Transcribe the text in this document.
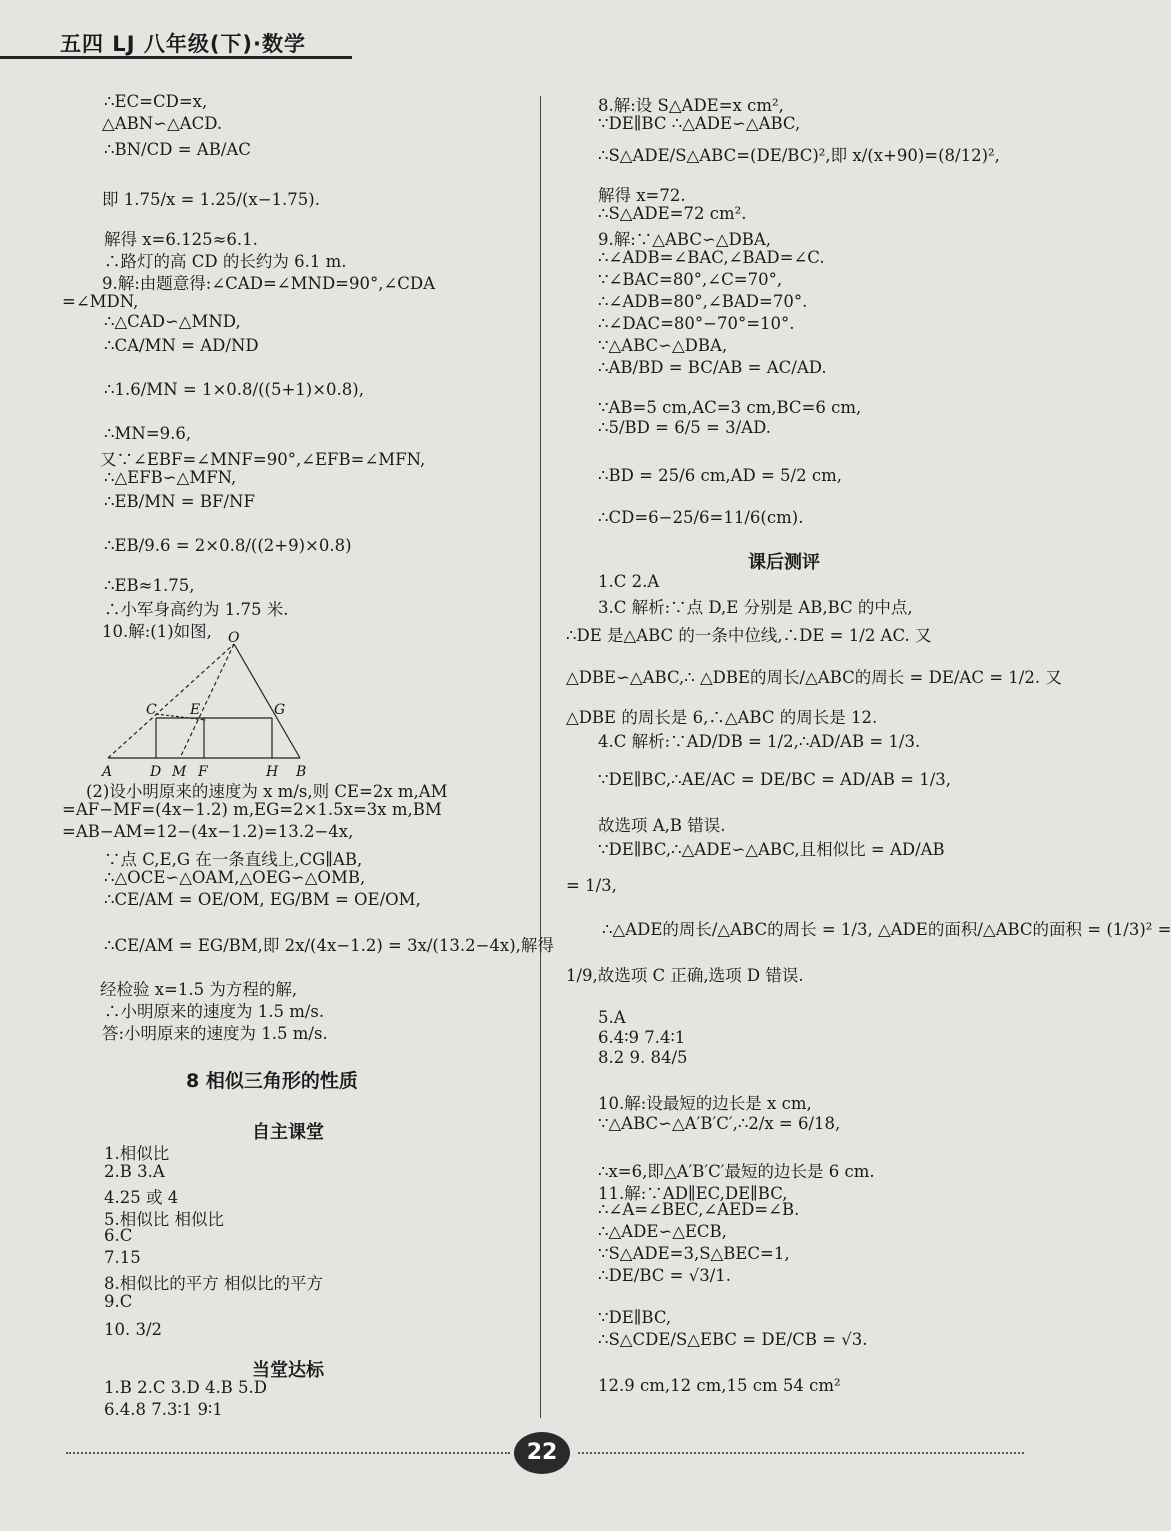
五四 LJ 八年级(下)·数学
∴EC=CD=x,
△ABN∽△ACD.
∴BN/CD = AB/AC
即 1.75/x = 1.25/(x−1.75).
解得 x=6.125≈6.1.
∴路灯的高 CD 的长约为 6.1 m.
9.解:由题意得:∠CAD=∠MND=90°,∠CDA
=∠MDN,
∴△CAD∽△MND,
∴CA/MN = AD/ND
∴1.6/MN = 1×0.8/((5+1)×0.8),
∴MN=9.6,
又∵∠EBF=∠MNF=90°,∠EFB=∠MFN,
∴△EFB∽△MFN,
∴EB/MN = BF/NF
∴EB/9.6 = 2×0.8/((2+9)×0.8)
∴EB≈1.75,
∴小军身高约为 1.75 米.
10.解:(1)如图,
(2)设小明原来的速度为 x m/s,则 CE=2x m,AM
=AF−MF=(4x−1.2) m,EG=2×1.5x=3x m,BM
=AB−AM=12−(4x−1.2)=13.2−4x,
∵点 C,E,G 在一条直线上,CG∥AB,
∴△OCE∽△OAM,△OEG∽△OMB,
∴CE/AM = OE/OM, EG/BM = OE/OM,
∴CE/AM = EG/BM,即 2x/(4x−1.2) = 3x/(13.2−4x),解得
经检验 x=1.5 为方程的解,
∴小明原来的速度为 1.5 m/s.
答:小明原来的速度为 1.5 m/s.
O
C E	G
A	D M F	H B
8 相似三角形的性质
自主课堂
1.相似比
2.B 3.A
4.25 或 4
5.相似比 相似比
6.C
7.15
8.相似比的平方 相似比的平方
9.C
10. 3/2
当堂达标
1.B 2.C 3.D 4.B 5.D
6.4.8 7.3∶1 9∶1
8.解:设 S△ADE=x cm²,
∵DE∥BC ∴△ADE∽△ABC,
∴S△ADE/S△ABC=(DE/BC)²,即 x/(x+90)=(8/12)²,
解得 x=72.
∴S△ADE=72 cm².
9.解:∵△ABC∽△DBA,
∴∠ADB=∠BAC,∠BAD=∠C.
∵∠BAC=80°,∠C=70°,
∴∠ADB=80°,∠BAD=70°.
∴∠DAC=80°−70°=10°.
∵△ABC∽△DBA,
∴AB/BD = BC/AB = AC/AD.
∵AB=5 cm,AC=3 cm,BC=6 cm,
∴5/BD = 6/5 = 3/AD.
∴BD = 25/6 cm,AD = 5/2 cm,
∴CD=6−25/6=11/6(cm).
课后测评
1.C 2.A
3.C 解析:∵点 D,E 分别是 AB,BC 的中点,
∴DE 是△ABC 的一条中位线,∴DE = 1/2 AC. 又
△DBE∽△ABC,∴ △DBE的周长/△ABC的周长 = DE/AC = 1/2. 又
△DBE 的周长是 6,∴△ABC 的周长是 12.
4.C 解析:∵AD/DB = 1/2,∴AD/AB = 1/3.
∵DE∥BC,∴AE/AC = DE/BC = AD/AB = 1/3,
故选项 A,B 错误.
∵DE∥BC,∴△ADE∽△ABC,且相似比 = AD/AB
= 1/3,
∴△ADE的周长/△ABC的周长 = 1/3, △ADE的面积/△ABC的面积 = (1/3)² =
1/9,故选项 C 正确,选项 D 错误.
5.A
6.4∶9 7.4∶1
8.2 9. 84/5
10.解:设最短的边长是 x cm,
∵△ABC∽△A′B′C′,∴2/x = 6/18,
∴x=6,即△A′B′C′最短的边长是 6 cm.
11.解:∵AD∥EC,DE∥BC,
∴∠A=∠BEC,∠AED=∠B.
∴△ADE∽△ECB,
∵S△ADE=3,S△BEC=1,
∴DE/BC = √3/1.
∵DE∥BC,
∴S△CDE/S△EBC = DE/CB = √3.
12.9 cm,12 cm,15 cm 54 cm²
22
